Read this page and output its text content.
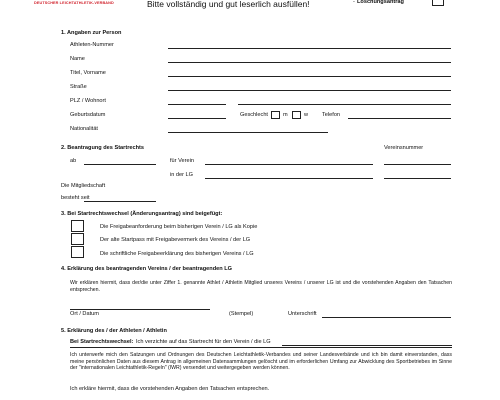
DEUTSCHER LEICHTATHLETIK-VERBAND	Bitte vollständig und gut leserlich ausfüllen!	Löschungsantrag
-
1. Angaben zur Person
Athleten-Nummer
Name
Titel, Vorname
Straße
PLZ / Wohnort
Geburtsdatum	Geschlecht	m	w Telefon
Nationalität
2. Beantragung des Startrechts	Vereinsnummer
ab	für Verein
in der LG
Die Mitgliedschaft
besteht seit
3. Bei Startrechtswechsel (Änderungsantrag) sind beigefügt:
Die Freigabeanforderung beim bisherigen Verein / LG als Kopie
Der alte Startpass mit Freigabevermerk des Vereins / der LG
Die schriftliche Freigabeerklärung des bisherigen Vereins / LG
4. Erklärung des beantragenden Vereins / der beantragenden LG
Wir erklären hiermit, dass der/die unter Ziffer 1. genannte Athlet / Athletin Mitglied unseres Vereins / unserer LG ist und die vorstehenden Angaben den Tatsachen entsprechen.
Ort / Datum	(Stempel)	Unterschrift
5. Erklärung des / der Athleten / Athletin
Bei Startrechtswechsel: Ich verzichte auf das Startrecht für den Verein / die LG
Ich unterwerfe mich den Satzungen und Ordnungen des Deutschen Leichtathletik-Verbandes und seiner Landesverbände und ich bin damit einverstanden, dass meine persönlichen Daten aus diesem Antrag in allgemeinen Datensammlungen gelöscht und im erforderlichen Umfang zur Abwicklung des Sportbetriebes im Sinne der "internationalen Leichtathletik-Regeln" (IWR) versendet und weitergegeben werden können.
Ich erkläre hiermit, dass die vorstehenden Angaben den Tatsachen entsprechen.
